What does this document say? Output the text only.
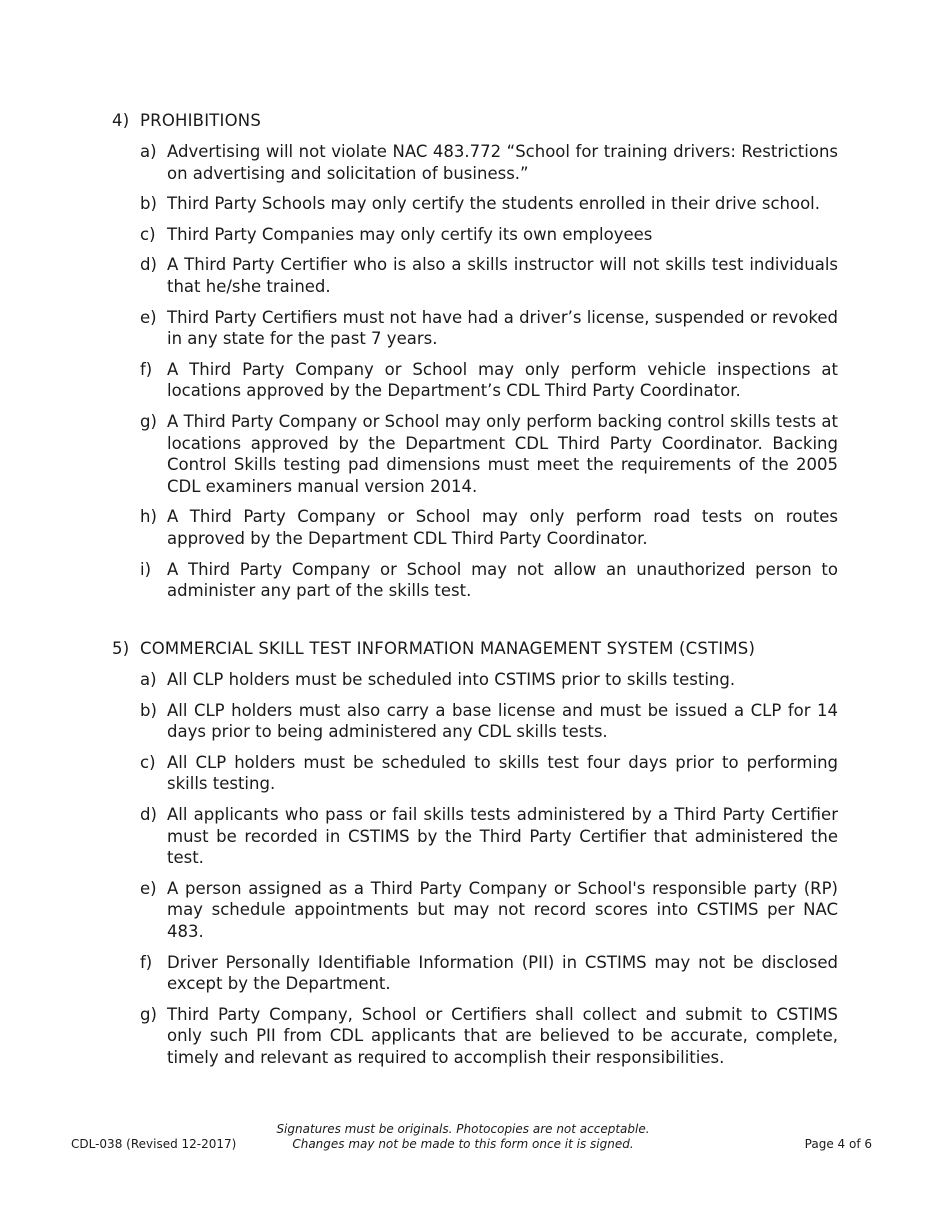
4) PROHIBITIONS
a) Advertising will not violate NAC 483.772 “School for training drivers: Restrictions on advertising and solicitation of business.”
b) Third Party Schools may only certify the students enrolled in their drive school.
c) Third Party Companies may only certify its own employees
d) A Third Party Certifier who is also a skills instructor will not skills test individuals that he/she trained.
e) Third Party Certifiers must not have had a driver’s license, suspended or revoked in any state for the past 7 years.
f) A Third Party Company or School may only perform vehicle inspections at locations approved by the Department’s CDL Third Party Coordinator.
g) A Third Party Company or School may only perform backing control skills tests at locations approved by the Department CDL Third Party Coordinator. Backing Control Skills testing pad dimensions must meet the requirements of the 2005 CDL examiners manual version 2014.
h) A Third Party Company or School may only perform road tests on routes approved by the Department CDL Third Party Coordinator.
i) A Third Party Company or School may not allow an unauthorized person to administer any part of the skills test.
5) COMMERCIAL SKILL TEST INFORMATION MANAGEMENT SYSTEM (CSTIMS)
a) All CLP holders must be scheduled into CSTIMS prior to skills testing.
b) All CLP holders must also carry a base license and must be issued a CLP for 14 days prior to being administered any CDL skills tests.
c) All CLP holders must be scheduled to skills test four days prior to performing skills testing.
d) All applicants who pass or fail skills tests administered by a Third Party Certifier must be recorded in CSTIMS by the Third Party Certifier that administered the test.
e) A person assigned as a Third Party Company or School's responsible party (RP) may schedule appointments but may not record scores into CSTIMS per NAC 483.
f) Driver Personally Identifiable Information (PII) in CSTIMS may not be disclosed except by the Department.
g) Third Party Company, School or Certifiers shall collect and submit to CSTIMS only such PII from CDL applicants that are believed to be accurate, complete, timely and relevant as required to accomplish their responsibilities.
CDL-038 (Revised 12-2017)
Signatures must be originals. Photocopies are not acceptable.
Changes may not be made to this form once it is signed.	Page 4 of 6
